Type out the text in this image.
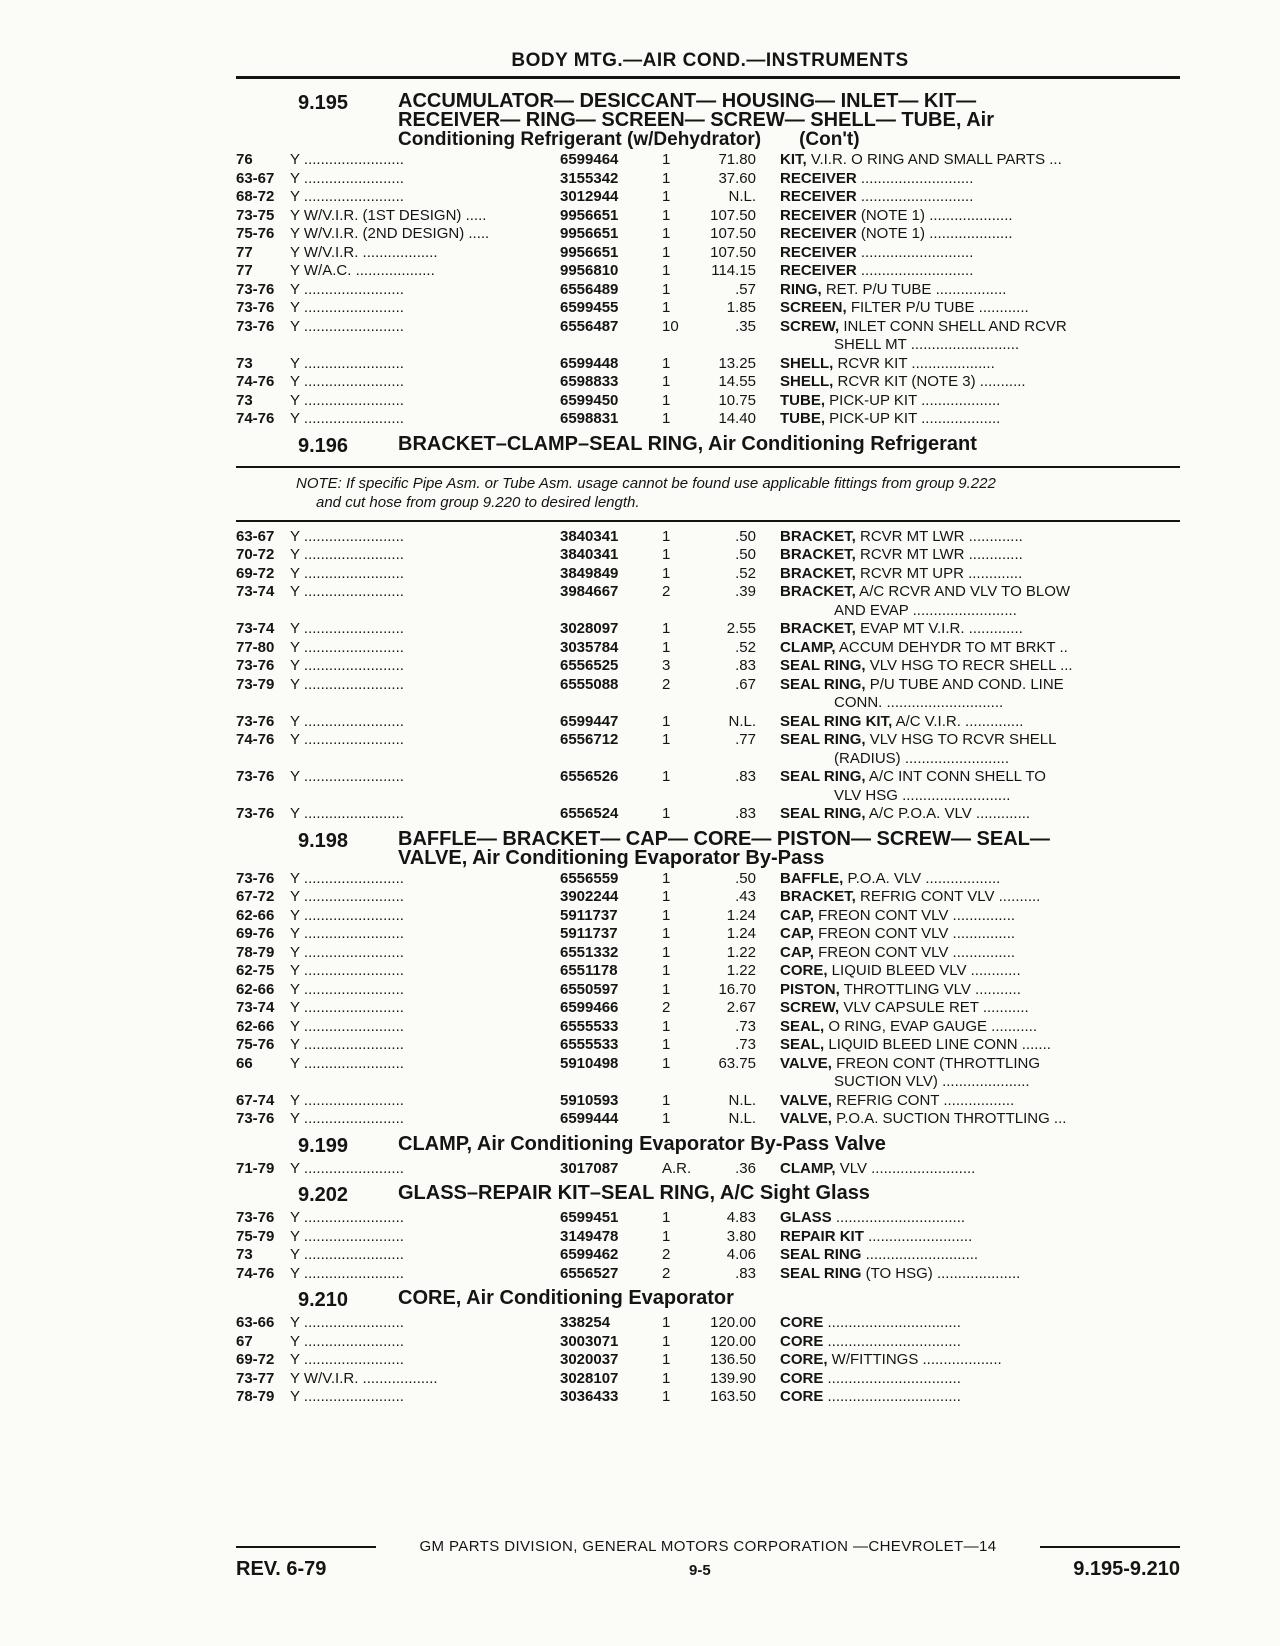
BODY MTG.—AIR COND.—INSTRUMENTS
9.195	ACCUMULATOR— DESICCANT— HOUSING— INLET— KIT—
RECEIVER— RING— SCREEN— SCREW— SHELL— TUBE, Air
Conditioning Refrigerant (w/Dehydrator) (Con't)
76	Y ........................	6599464	1	71.80	KIT, V.I.R. O RING AND SMALL PARTS ...
63-67	Y ........................	3155342	1	37.60	RECEIVER ...........................
68-72	Y ........................	3012944	1	N.L.	RECEIVER ...........................
73-75	Y W/V.I.R. (1ST DESIGN) .....	9956651	1	107.50	RECEIVER (NOTE 1) ....................
75-76	Y W/V.I.R. (2ND DESIGN) .....	9956651	1	107.50	RECEIVER (NOTE 1) ....................
77	Y W/V.I.R. ..................	9956651	1	107.50	RECEIVER ...........................
77	Y W/A.C. ...................	9956810	1	114.15	RECEIVER ...........................
73-76	Y ........................	6556489	1	.57	RING, RET. P/U TUBE .................
73-76	Y ........................	6599455	1	1.85	SCREEN, FILTER P/U TUBE ............
73-76	Y ........................	6556487	10	.35	SCREW, INLET CONN SHELL AND RCVR
SHELL MT ..........................
73	Y ........................	6599448	1	13.25	SHELL, RCVR KIT ....................
74-76	Y ........................	6598833	1	14.55	SHELL, RCVR KIT (NOTE 3) ...........
73	Y ........................	6599450	1	10.75	TUBE, PICK-UP KIT ...................
74-76	Y ........................	6598831	1	14.40	TUBE, PICK-UP KIT ...................
9.196	BRACKET–CLAMP–SEAL RING, Air Conditioning Refrigerant
NOTE: If specific Pipe Asm. or Tube Asm. usage cannot be found use applicable fittings from group 9.222
and cut hose from group 9.220 to desired length.
63-67	Y ........................	3840341	1	.50	BRACKET, RCVR MT LWR .............
70-72	Y ........................	3840341	1	.50	BRACKET, RCVR MT LWR .............
69-72	Y ........................	3849849	1	.52	BRACKET, RCVR MT UPR .............
73-74	Y ........................	3984667	2	.39	BRACKET, A/C RCVR AND VLV TO BLOW
AND EVAP .........................
73-74	Y ........................	3028097	1	2.55	BRACKET, EVAP MT V.I.R. .............
77-80	Y ........................	3035784	1	.52	CLAMP, ACCUM DEHYDR TO MT BRKT ..
73-76	Y ........................	6556525	3	.83	SEAL RING, VLV HSG TO RECR SHELL ...
73-79	Y ........................	6555088	2	.67	SEAL RING, P/U TUBE AND COND. LINE
CONN. ............................
73-76	Y ........................	6599447	1	N.L.	SEAL RING KIT, A/C V.I.R. ..............
74-76	Y ........................	6556712	1	.77	SEAL RING, VLV HSG TO RCVR SHELL
(RADIUS) .........................
73-76	Y ........................	6556526	1	.83	SEAL RING, A/C INT CONN SHELL TO
VLV HSG ..........................
73-76	Y ........................	6556524	1	.83	SEAL RING, A/C P.O.A. VLV .............
9.198	BAFFLE— BRACKET— CAP— CORE— PISTON— SCREW— SEAL—
VALVE, Air Conditioning Evaporator By-Pass
73-76	Y ........................	6556559	1	.50	BAFFLE, P.O.A. VLV ..................
67-72	Y ........................	3902244	1	.43	BRACKET, REFRIG CONT VLV ..........
62-66	Y ........................	5911737	1	1.24	CAP, FREON CONT VLV ...............
69-76	Y ........................	5911737	1	1.24	CAP, FREON CONT VLV ...............
78-79	Y ........................	6551332	1	1.22	CAP, FREON CONT VLV ...............
62-75	Y ........................	6551178	1	1.22	CORE, LIQUID BLEED VLV ............
62-66	Y ........................	6550597	1	16.70	PISTON, THROTTLING VLV ...........
73-74	Y ........................	6599466	2	2.67	SCREW, VLV CAPSULE RET ...........
62-66	Y ........................	6555533	1	.73	SEAL, O RING, EVAP GAUGE ...........
75-76	Y ........................	6555533	1	.73	SEAL, LIQUID BLEED LINE CONN .......
66	Y ........................	5910498	1	63.75	VALVE, FREON CONT (THROTTLING
SUCTION VLV) .....................
67-74	Y ........................	5910593	1	N.L.	VALVE, REFRIG CONT .................
73-76	Y ........................	6599444	1	N.L.	VALVE, P.O.A. SUCTION THROTTLING ...
9.199	CLAMP, Air Conditioning Evaporator By-Pass Valve
71-79	Y ........................	3017087	A.R.	.36	CLAMP, VLV .........................
9.202	GLASS–REPAIR KIT–SEAL RING, A/C Sight Glass
73-76	Y ........................	6599451	1	4.83	GLASS ...............................
75-79	Y ........................	3149478	1	3.80	REPAIR KIT .........................
73	Y ........................	6599462	2	4.06	SEAL RING ...........................
74-76	Y ........................	6556527	2	.83	SEAL RING (TO HSG) ....................
9.210	CORE, Air Conditioning Evaporator
63-66	Y ........................	338254	1	120.00	CORE ................................
67	Y ........................	3003071	1	120.00	CORE ................................
69-72	Y ........................	3020037	1	136.50	CORE, W/FITTINGS ...................
73-77	Y W/V.I.R. ..................	3028107	1	139.90	CORE ................................
78-79	Y ........................	3036433	1	163.50	CORE ................................
GM PARTS DIVISION, GENERAL MOTORS CORPORATION —CHEVROLET—14
REV. 6-79	9-5	9.195-9.210
